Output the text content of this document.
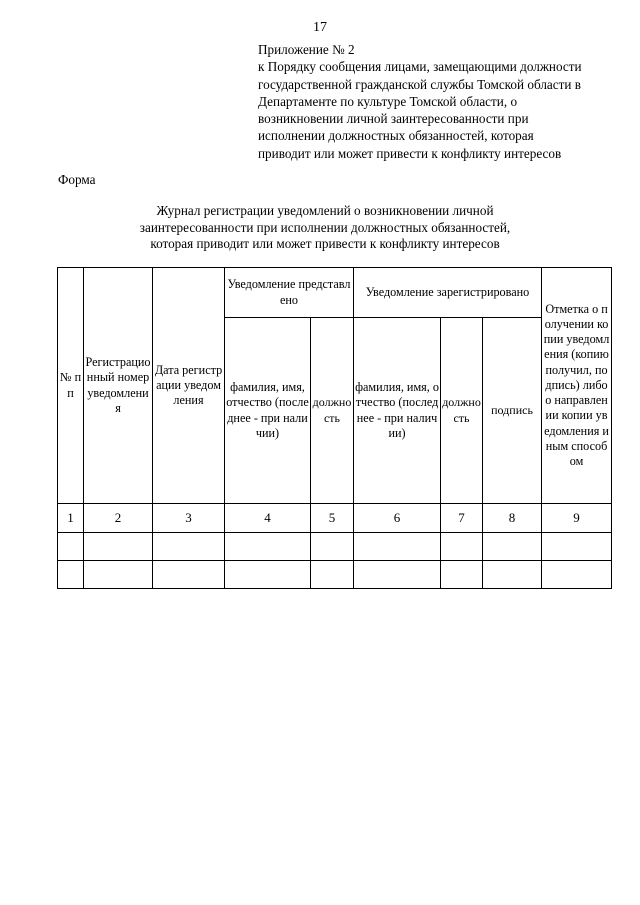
17
Приложение № 2
к Порядку сообщения лицами, замещающими должности
государственной гражданской службы Томской области в
Департаменте по культуре Томской области, о
возникновении личной заинтересованности при
исполнении должностных обязанностей, которая
приводит или может привести к конфликту интересов
Форма
Журнал регистрации уведомлений о возникновении личной
заинтересованности при исполнении должностных обязанностей,
которая приводит или может привести к конфликту интересов
№ пп	Регистрационный номер уведомления	Дата регистрации уведомления	Уведомление представлено		Уведомление зарегистрировано			Отметка о получении копии уведомления (копию получил, подпись) либо о направлении копии уведомления иным способом
			фамилия, имя, отчество (последнее - при наличии)	должность	фамилия, имя, отчество (последнее - при наличии)	должность	подпись	
1	2	3	4	5	6	7	8	9
